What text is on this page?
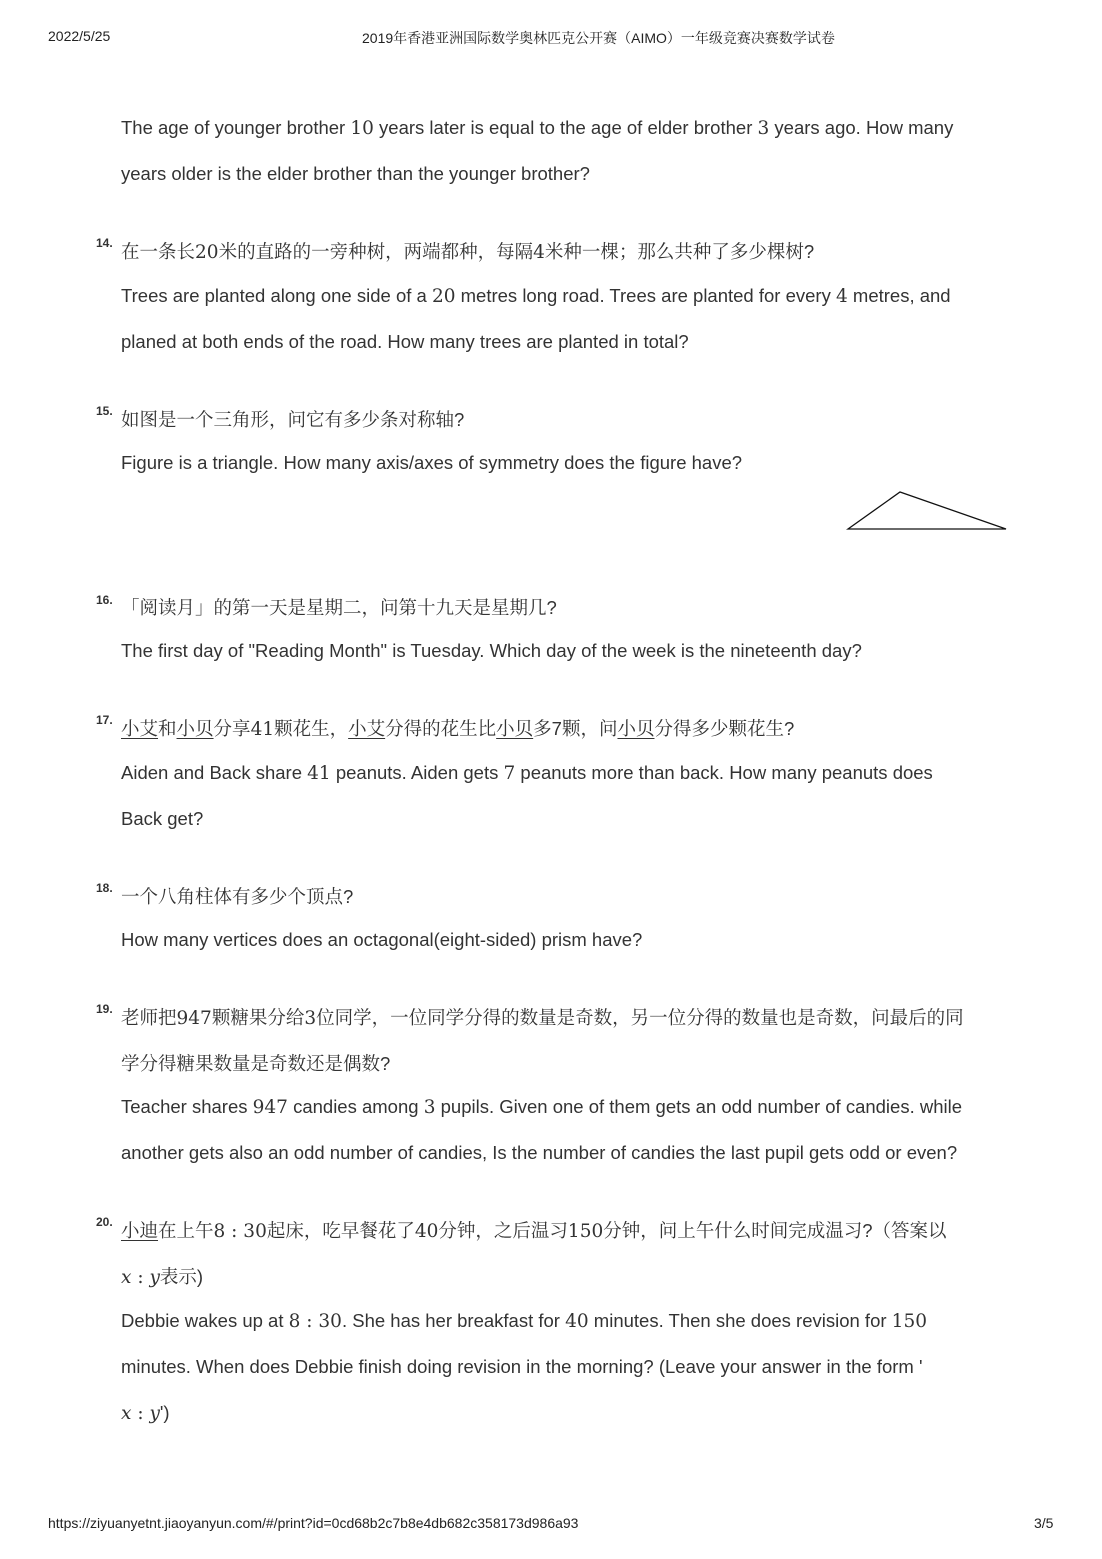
2022/5/25	2019年香港亚洲国际数学奥林匹克公开赛（AIMO）一年级竞赛决赛数学试卷
The age of younger brother 10 years later is equal to the age of elder brother 3 years ago. How many
years older is the elder brother than the younger brother?
14. 在一条长20米的直路的一旁种树，两端都种，每隔4米种一棵；那么共种了多少棵树?
Trees are planted along one side of a 20 metres long road. Trees are planted for every 4 metres, and
planed at both ends of the road. How many trees are planted in total?
15. 如图是一个三角形，问它有多少条对称轴?
Figure is a triangle. How many axis/axes of symmetry does the figure have?
16. 「阅读月」的第一天是星期二，问第十九天是星期几?
The first day of "Reading Month" is Tuesday. Which day of the week is the nineteenth day?
17. 小艾和小贝分享41颗花生，小艾分得的花生比小贝多7颗，问小贝分得多少颗花生?
Aiden and Back share 41 peanuts. Aiden gets 7 peanuts more than back. How many peanuts does
Back get?
18. 一个八角柱体有多少个顶点?
How many vertices does an octagonal(eight-sided) prism have?
19. 老师把947颗糖果分给3位同学，一位同学分得的数量是奇数，另一位分得的数量也是奇数，问最后的同
学分得糖果数量是奇数还是偶数?
Teacher shares 947 candies among 3 pupils. Given one of them gets an odd number of candies. while
another gets also an odd number of candies, Is the number of candies the last pupil gets odd or even?
20. 小迪在上午8 : 30起床，吃早餐花了40分钟，之后温习150分钟，问上午什么时间完成温习?（答案以
x : y表示)
Debbie wakes up at 8 : 30. She has her breakfast for 40 minutes. Then she does revision for 150
minutes. When does Debbie finish doing revision in the morning? (Leave your answer in the form '
x : y')
https://ziyuanyetnt.jiaoyanyun.com/#/print?id=0cd68b2c7b8e4db682c358173d986a93	3/5
